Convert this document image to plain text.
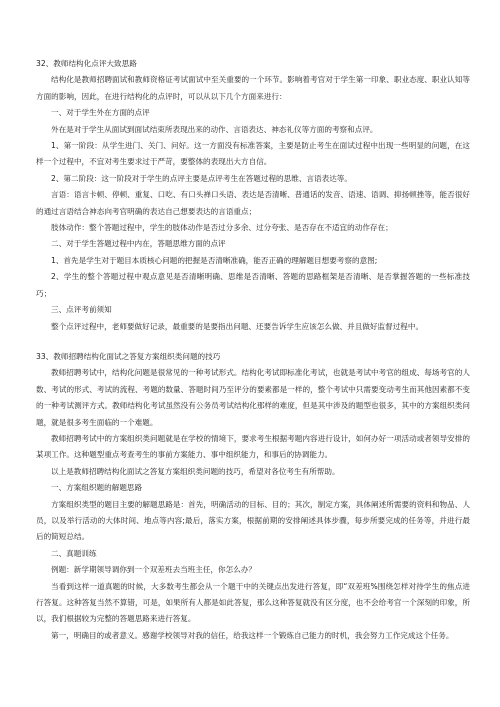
32、教师结构化点评大致思路

结构化是教师招聘面试和教师资格证考试面试中至关重要的一个环节。影响着考官对于学生第一印象、职业态度、职业认知等方面的影响，因此，在进行结构化的点评时，可以从以下几个方面来进行：

一、对于学生外在方面的点评

外在是对于学生从面试到面试结束所表现出来的动作、言语表达、神态礼仪等方面的考察和点评。

1、第一阶段：从学生进门、关门、问好。这一方面没有标准答案，主要是防止考生在面试过程中出现一些明显的问题，在这样一个过程中，不宜对考生要求过于严苛，要整体的表现出大方自信。

2、第二阶段：这一阶段对于学生的点评主要是点评考生在答题过程的思维、言语表达等。

言语：语言卡顿、停顿、重复、口吃、有口头禅口头语、表达是否清晰、普通话的发音、语速、语调、抑扬顿挫等，能否很好的通过言语结合神态向考官明确的表达自己想要表达的言语重点；

肢体动作：整个答题过程中，学生的肢体动作是否过分多余、过分夸张、是否存在不适宜的动作存在；

二、对于学生答题过程中内在，答题思维方面的点评

1、首先是学生对于题目本质核心问题的把握是否清晰准确，能否正确的理解题目想要考察的意图;

2、学生的整个答题过程中观点意见是否清晰明确、思维是否清晰、答题的思路框架是否清晰、是否掌握答题的一些标准技巧；

三、点评考前须知

整个点评过程中，老师要做好记录，最重要的是要指出问题、还要告诉学生应该怎么做、并且做好监督过程中。

33、教师招聘结构化面试之答复方案组织类问题的技巧

教师招聘考试中，结构化问题是很常见的一种考试形式。结构化考试即标准化考试，也就是考试中考官的组成、每场考官的人数、考试的形式、考试的流程、考题的数量、答题时间乃至评分的要素都是一样的，整个考试中只需要变动考生而其他因素都不变的一种考试测评方式。教师结构化考试虽然没有公务员考试结构化那样的难度，但是其中涉及的题型也很多，其中的方案组织类问题，就是很多考生面临的一个难题。

教师招聘考试中的方案组织类问题就是在学校的情境下，要求考生根据考题内容进行设计，如何办好一项活动或者领导安排的某项工作。这种题型重点考查考生的事前方案能力、事中组织能力，和事后的协调能力。

以上是教师招聘结构化面试之答复方案组织类问题的技巧，希望对各位考生有所帮助。

一、方案组织题的解题思路

方案组织类型的题目主要的解题思路是：首先，明确活动的目标、目的；其次，制定方案，具体阐述所需要的资料和物品、人员，以及举行活动的大体时间、地点等内容;最后，落实方案，根据前期的安排阐述具体步骤，每步所要完成的任务等，并进行最后的简短总结。

二、真题训练

例题：新学期领导调你到一个双差班去当班主任，你怎么办？

当看到这样一道真题的时候，大多数考生都会从一个题干中的关键点出发进行答复，即“双差班%围绕怎样对待学生的焦点进行答复。这种答复当然不算错，可是，如果所有人都是如此答复，那么这种答复就没有区分度，也不会给考官一个深刻的印象，所以，我们根据较为完整的答题思路来进行答复。

第一，明确目的或者意义。感谢学校领导对我的信任，给我这样一个锻炼自己能力的时机，我会努力工作完成这个任务。
